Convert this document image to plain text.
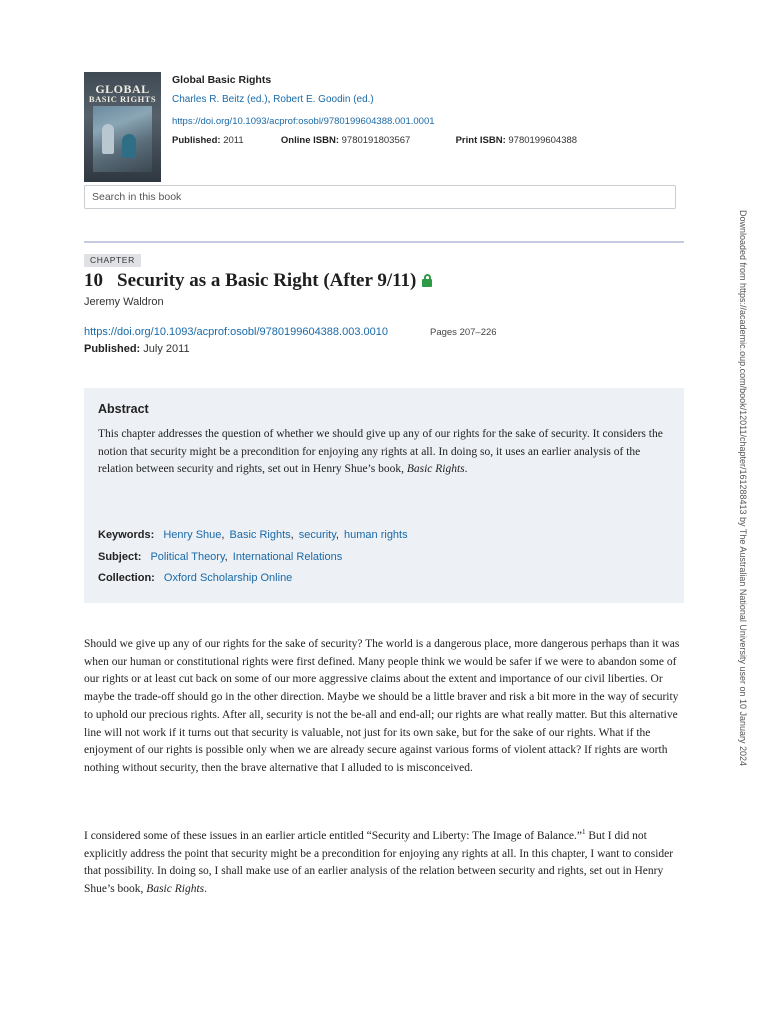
GLOBAL
BASIC RIGHTS
Global Basic Rights
Charles R. Beitz (ed.), Robert E. Goodin (ed.)
https://doi.org/10.1093/acprof:osobl/9780199604388.001.0001
Published: 2011	Online ISBN: 9780191803567	Print ISBN: 9780199604388
Search in this book
CHAPTER
10 Security as a Basic Right (After 9/11)
Jeremy Waldron
https://doi.org/10.1093/acprof:osobl/9780199604388.003.0010	Pages 207–226
Published: July 2011
Abstract

This chapter addresses the question of whether we should give up any of our rights for the sake of security. It considers the notion that security might be a precondition for enjoying any rights at all. In doing so, it uses an earlier analysis of the relation between security and rights, set out in Henry Shue’s book, Basic Rights.

Keywords: Henry Shue, Basic Rights, security, human rights
Subject: Political Theory, International Relations
Collection: Oxford Scholarship Online

Should we give up any of our rights for the sake of security? The world is a dangerous place, more dangerous perhaps than it was when our human or constitutional rights were first defined. Many people think we would be safer if we were to abandon some of our rights or at least cut back on some of our more aggressive claims about the extent and importance of our civil liberties. Or maybe the trade-off should go in the other direction. Maybe we should be a little braver and risk a bit more in the way of security to uphold our precious rights. After all, security is not the be-all and end-all; our rights are what really matter. But this alternative line will not work if it turns out that security is valuable, not just for its own sake, but for the sake of our rights. What if the enjoyment of our rights is possible only when we are already secure against various forms of violent attack? If rights are worth nothing without security, then the brave alternative that I alluded to is misconceived.

I considered some of these issues in an earlier article entitled “Security and Liberty: The Image of Balance.”$^1$ But I did not explicitly address the point that security might be a precondition for enjoying any rights at all. In this chapter, I want to consider that possibility. In doing so, I shall make use of an earlier analysis of the relation between security and rights, set out in Henry Shue’s book, Basic Rights.

Downloaded from https://academic.oup.com/book/12011/chapter/161288413 by The Australian National University user on 10 January 2024
